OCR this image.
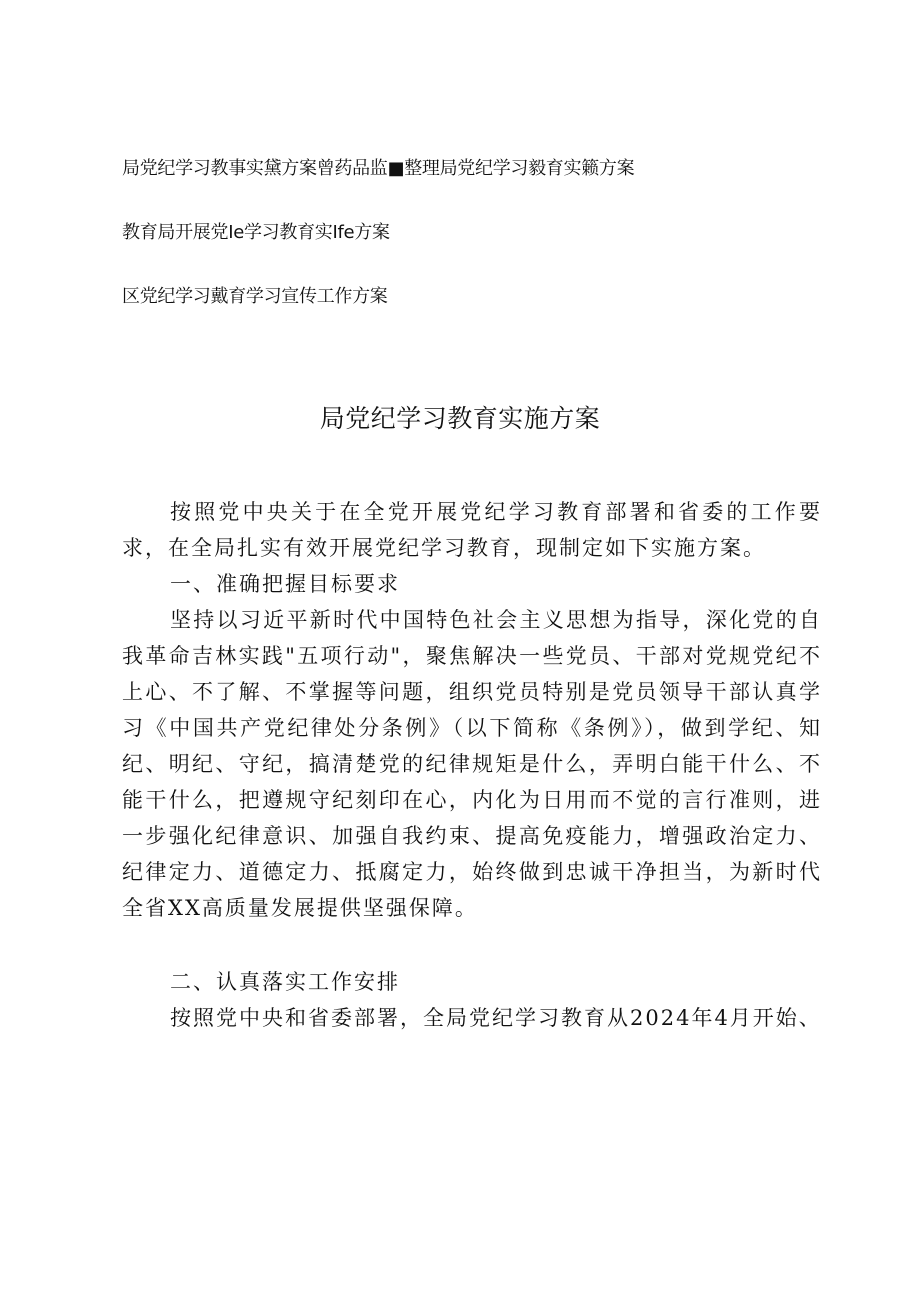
局党纪学习教事实黛方案曾药品监■整理局党纪学习毅育实籁方案
教育局开展党Ie学习教育实Ife方案
区党纪学习戴育学习宣传工作方案
局党纪学习教育实施方案

按照党中央关于在全党开展党纪学习教育部署和省委的工作要求，在全局扎实有效开展党纪学习教育，现制定如下实施方案。

一、准确把握目标要求

坚持以习近平新时代中国特色社会主义思想为指导，深化党的自我革命吉林实践"五项行动"，聚焦解决一些党员、干部对党规党纪不上心、不了解、不掌握等问题，组织党员特别是党员领导干部认真学习《中国共产党纪律处分条例》（以下简称《条例》），做到学纪、知纪、明纪、守纪，搞清楚党的纪律规矩是什么，弄明白能干什么、不能干什么，把遵规守纪刻印在心，内化为日用而不觉的言行准则，进一步强化纪律意识、加强自我约束、提高免疫能力，增强政治定力、纪律定力、道德定力、抵腐定力，始终做到忠诚干净担当，为新时代全省XX高质量发展提供坚强保障。

二、认真落实工作安排

按照党中央和省委部署，全局党纪学习教育从2024年4月开始、
